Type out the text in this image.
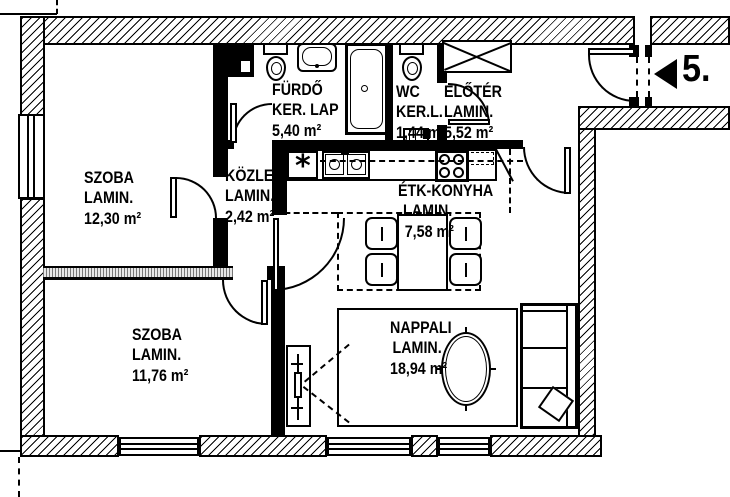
*
5.
SZOBA
LAMIN.
12,30 m²
SZOBA
LAMIN.
11,76 m²
KÖZLEK
LAMIN.
2,42 m²
FÜRDŐ
KER. LAP
5,40 m²
WC
KER.L.
1,44 m²
ELŐTÉR
LAMIN.
5,52 m²
ÉTK-KONYHA
LAMIN.
7,58 m²
NAPPALI
LAMIN.
18,94 m²
